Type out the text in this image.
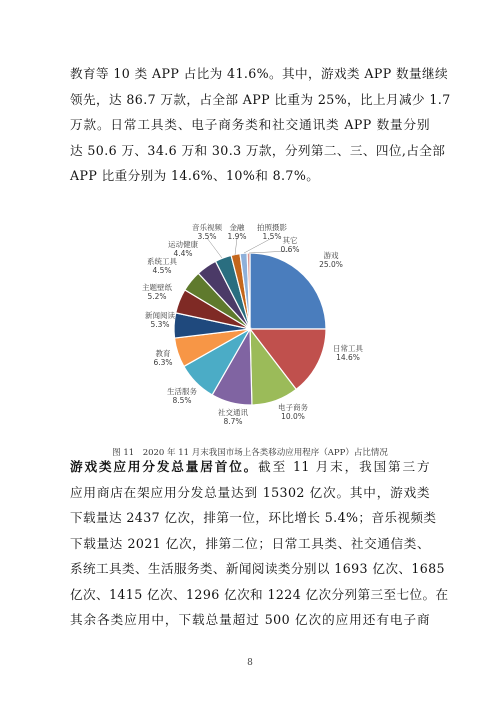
教育等 10 类 APP 占比为 41.6%。其中，游戏类 APP 数量继续
领先，达 86.7 万款，占全部 APP 比重为 25%，比上月减少 1.7
万款。日常工具类、电子商务类和社交通讯类 APP 数量分别
达 50.6 万、34.6 万和 30.3 万款，分列第二、三、四位,占全部
APP 比重分别为 14.6%、10%和 8.7%。
游戏
25.0%
日常工具
14.6%
电子商务
10.0%
社交通讯
8.7%
生活服务
8.5%
教育
6.3%
新闻阅读
5.3%
主题壁纸
5.2%
系统工具
4.5%
运动健康
4.4%
音乐视频
3.5%
金融
1.9%
拍照摄影
1.5% 其它
0.6%

图 11　2020 年 11 月末我国市场上各类移动应用程序（APP）占比情况

游戏类应用分发总量居首位。截至 11 月末，我国第三方
应用商店在架应用分发总量达到 15302 亿次。其中，游戏类
下载量达 2437 亿次，排第一位，环比增长 5.4%；音乐视频类
下载量达 2021 亿次，排第二位；日常工具类、社交通信类、
系统工具类、生活服务类、新闻阅读类分别以 1693 亿次、1685
亿次、1415 亿次、1296 亿次和 1224 亿次分列第三至七位。在
其余各类应用中，下载总量超过 500 亿次的应用还有电子商

8
